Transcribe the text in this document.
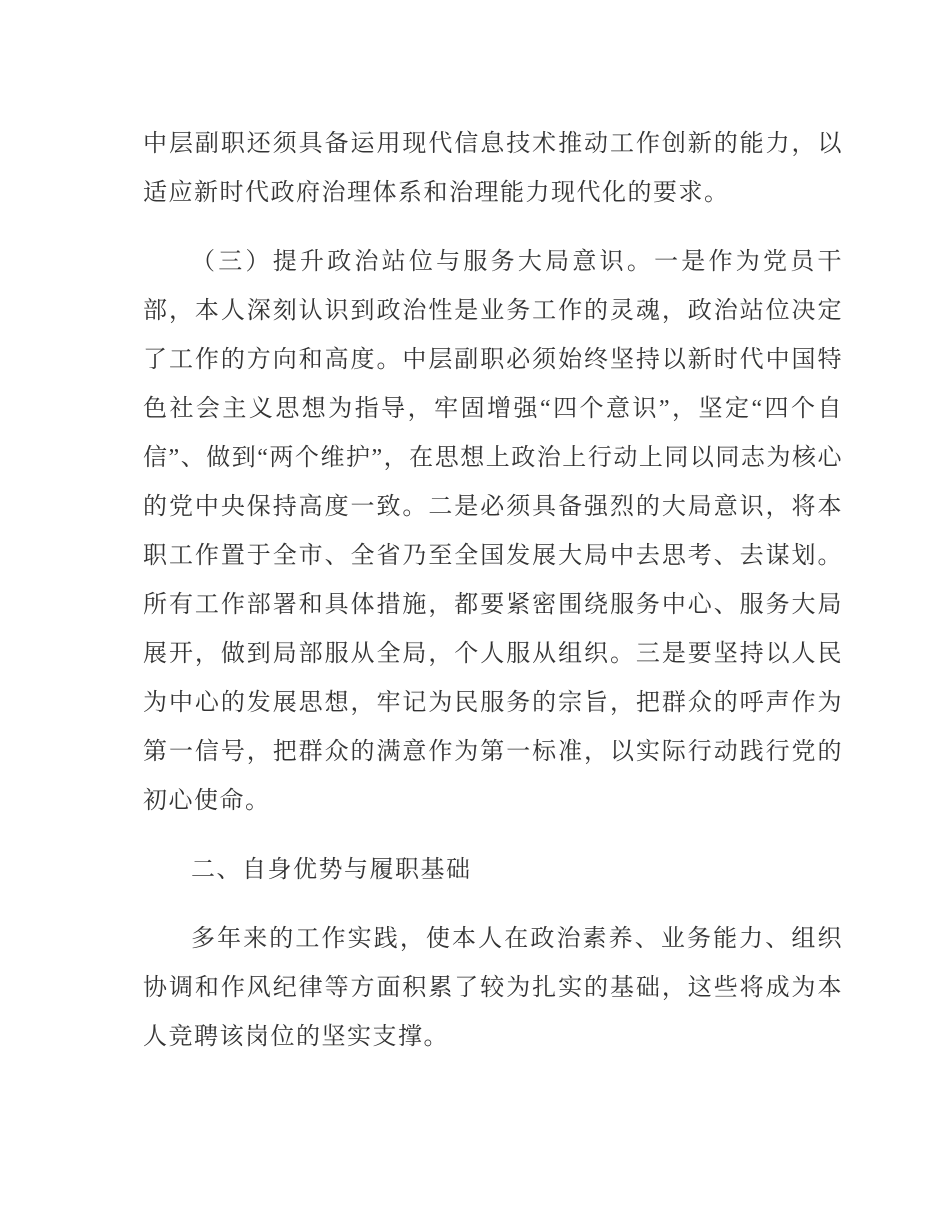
中层副职还须具备运用现代信息技术推动工作创新的能力，以适应新时代政府治理体系和治理能力现代化的要求。

（三）提升政治站位与服务大局意识。一是作为党员干部，本人深刻认识到政治性是业务工作的灵魂，政治站位决定了工作的方向和高度。中层副职必须始终坚持以新时代中国特色社会主义思想为指导，牢固增强“四个意识”，坚定“四个自信”、做到“两个维护”，在思想上政治上行动上同以同志为核心的党中央保持高度一致。二是必须具备强烈的大局意识，将本职工作置于全市、全省乃至全国发展大局中去思考、去谋划。所有工作部署和具体措施，都要紧密围绕服务中心、服务大局展开，做到局部服从全局，个人服从组织。三是要坚持以人民为中心的发展思想，牢记为民服务的宗旨，把群众的呼声作为第一信号，把群众的满意作为第一标准，以实际行动践行党的初心使命。

二、自身优势与履职基础

多年来的工作实践，使本人在政治素养、业务能力、组织协调和作风纪律等方面积累了较为扎实的基础，这些将成为本人竞聘该岗位的坚实支撑。
